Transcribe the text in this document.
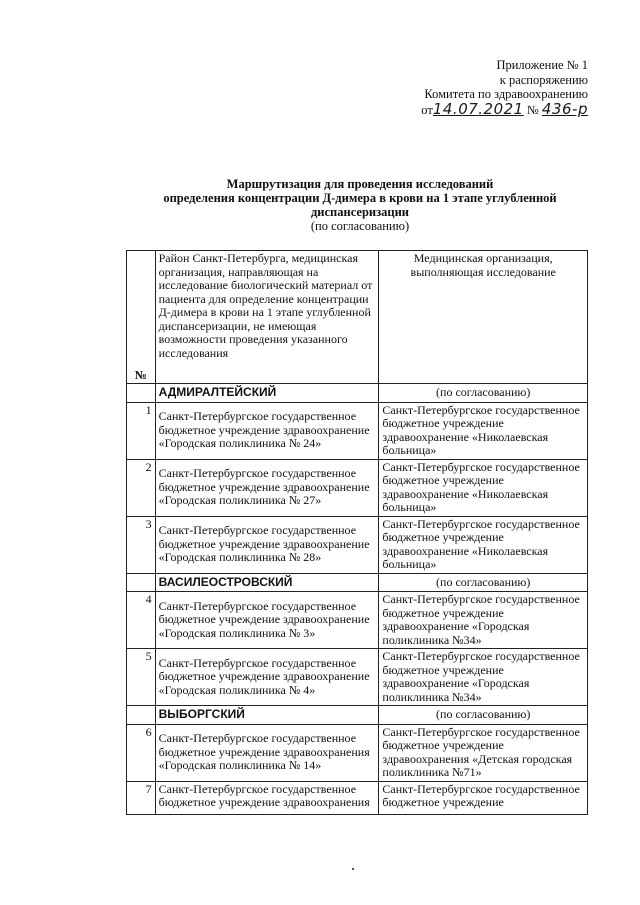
Приложение № 1
к распоряжению
Комитета по здравоохранению
от14.07.2021 № 436-р
Маршрутизация для проведения исследований
определения концентрации Д-димера в крови на 1 этапе углубленной
диспансеризации
(по согласованию)
№	Район Санкт-Петербурга, медицинская организация, направляющая на исследование биологический материал от пациента для определение концентрации Д-димера в крови на 1 этапе углубленной диспансеризации, не имеющая возможности проведения указанного исследования	Медицинская организация, выполняющая исследование
	АДМИРАЛТЕЙСКИЙ	(по согласованию)
1	Санкт-Петербургское государственное бюджетное учреждение здравоохранение «Городская поликлиника № 24»	Санкт-Петербургское государственное бюджетное учреждение здравоохранение «Николаевская больница»
2	Санкт-Петербургское государственное бюджетное учреждение здравоохранение «Городская поликлиника № 27»	Санкт-Петербургское государственное бюджетное учреждение здравоохранение «Николаевская больница»
3	Санкт-Петербургское государственное бюджетное учреждение здравоохранение «Городская поликлиника № 28»	Санкт-Петербургское государственное бюджетное учреждение здравоохранение «Николаевская больница»
	ВАСИЛЕОСТРОВСКИЙ	(по согласованию)
4	Санкт-Петербургское государственное бюджетное учреждение здравоохранение «Городская поликлиника № 3»	Санкт-Петербургское государственное бюджетное учреждение здравоохранение «Городская поликлиника №34»
5	Санкт-Петербургское государственное бюджетное учреждение здравоохранение «Городская поликлиника № 4»	Санкт-Петербургское государственное бюджетное учреждение здравоохранение «Городская поликлиника №34»
	ВЫБОРГСКИЙ	(по согласованию)
6	Санкт-Петербургское государственное бюджетное учреждение здравоохранения «Городская поликлиника № 14»	Санкт-Петербургское государственное бюджетное учреждение здравоохранения «Детская городская поликлиника №71»
7	Санкт-Петербургское государственное бюджетное учреждение здравоохранения	Санкт-Петербургское государственное бюджетное учреждение
